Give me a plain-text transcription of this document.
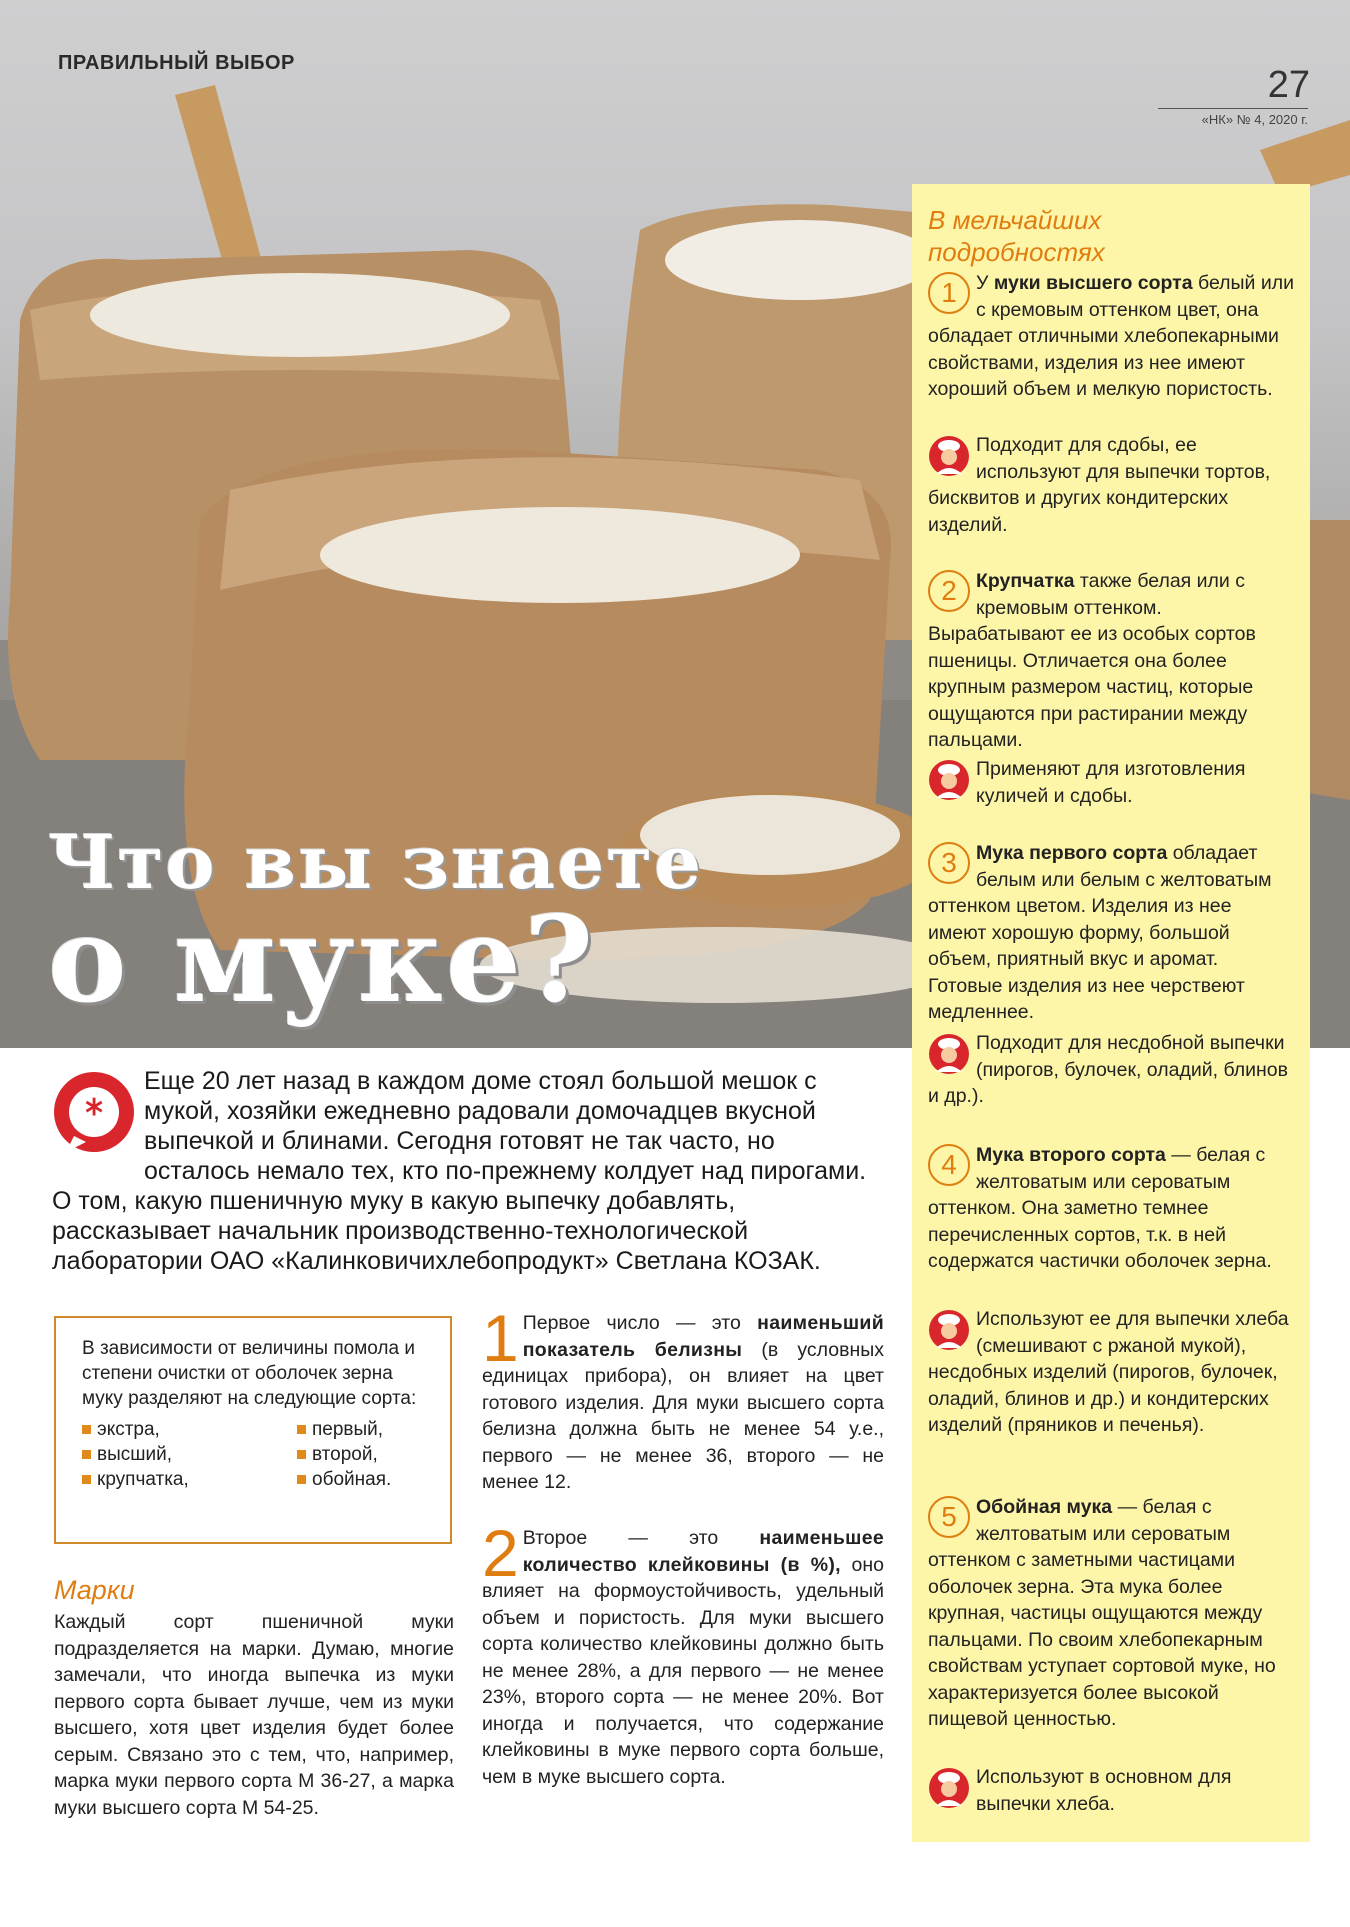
ПРАВИЛЬНЫЙ ВЫБОР
27
«НК» № 4, 2020 г.
Что вы знаете
о муке?
*
Еще 20 лет назад в каждом доме стоял большой мешок с мукой, хозяйки ежедневно радовали домочадцев вкусной выпечкой и блинами. Сегодня готовят не так часто, но осталось немало тех, кто по-прежнему колдует над пирогами. О том, какую пшеничную муку в какую выпечку добавлять, рассказывает начальник производственно-технологической лаборатории ОАО «Калинковичихлебопродукт» Светлана КОЗАК.

В зависимости от величины помола и степени очистки от оболочек зерна муку разделяют на следующие сорта:

экстра,	первый,
высший,	второй,
крупчатка,	обойная.
Марки
Каждый сорт пшеничной муки подразделяется на марки. Думаю, многие замечали, что иногда выпечка из муки первого сорта бывает лучше, чем из муки высшего, хотя цвет изделия будет более серым. Связано это с тем, что, например, марка муки первого сорта М 36-27, а марка муки высшего сорта М 54-25.
1 Первое число — это наименьший показатель белизны (в условных единицах прибора), он влияет на цвет готового изделия. Для муки высшего сорта белизна должна быть не менее 54 у.е., первого — не менее 36, второго — не менее 12.
2 Второе — это наименьшее количество клейковины (в %), оно влияет на формоустойчивость, удельный объем и пористость. Для муки высшего сорта количество клейковины должно быть не менее 28%, а для первого — не менее 23%, второго сорта — не менее 20%. Вот иногда и получается, что содержание клейковины в муке первого сорта больше, чем в муке высшего сорта.
В мельчайших
подробностях
1 У муки высшего сорта белый или с кремовым оттенком цвет, она обладает отличными хлебопекарными свойствами, изделия из нее имеют хороший объем и мелкую пористость.
Подходит для сдобы, ее используют для выпечки тортов, бисквитов и других кондитерских изделий.
2 Крупчатка также белая или с кремовым оттенком. Вырабатывают ее из особых сортов пшеницы. Отличается она более крупным размером частиц, которые ощущаются при растирании между пальцами.
Применяют для изготовления куличей и сдобы.
3 Мука первого сорта обладает белым или белым с желтоватым оттенком цветом. Изделия из нее имеют хорошую форму, большой объем, приятный вкус и аромат. Готовые изделия из нее черствеют медленнее.
Подходит для несдобной выпечки (пирогов, булочек, оладий, блинов и др.).
4 Мука второго сорта — белая с желтоватым или сероватым оттенком. Она заметно темнее перечисленных сортов, т.к. в ней содержатся частички оболочек зерна.
Используют ее для выпечки хлеба (смешивают с ржаной мукой), несдобных изделий (пирогов, булочек, оладий, блинов и др.) и кондитерских изделий (пряников и печенья).
5 Обойная мука — белая с желтоватым или сероватым оттенком с заметными частицами оболочек зерна. Эта мука более крупная, частицы ощущаются между пальцами. По своим хлебопекарным свойствам уступает сортовой муке, но характеризуется более высокой пищевой ценностью.
Используют в основном для выпечки хлеба.
